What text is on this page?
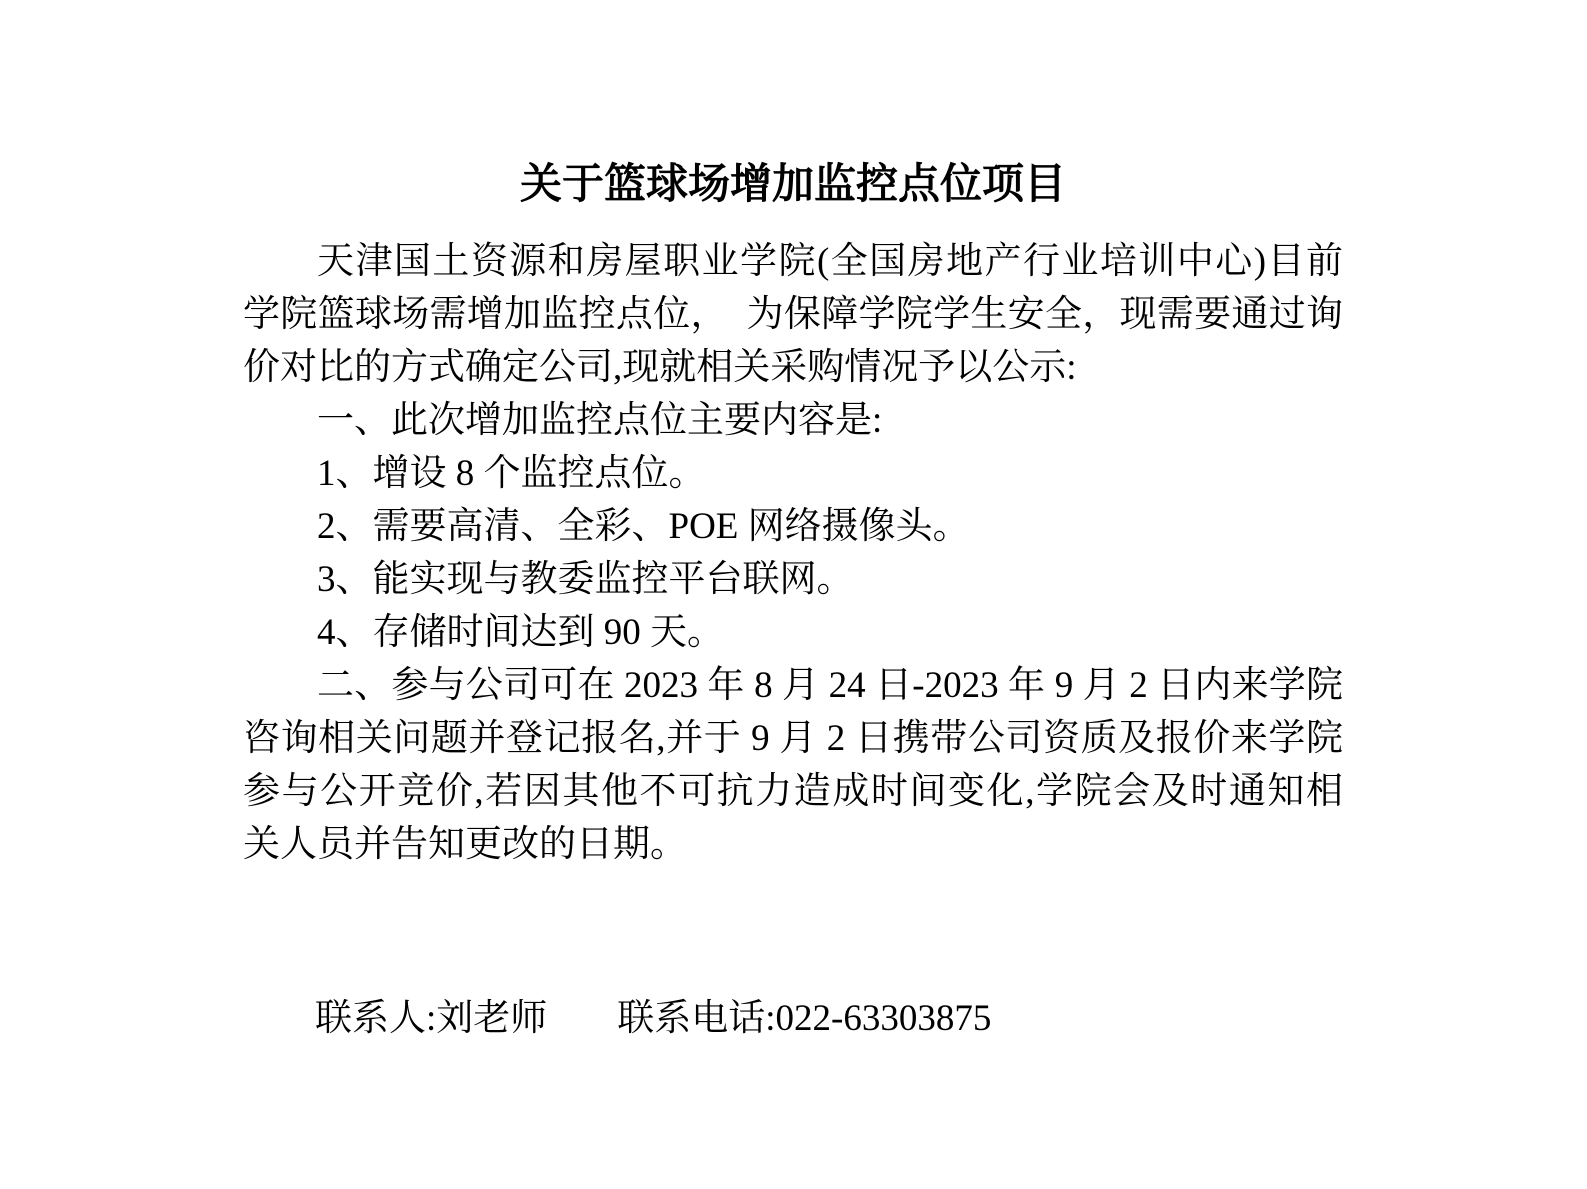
关于篮球场增加监控点位项目
天津国土资源和房屋职业学院(全国房地产行业培训中心)目前
学院篮球场需增加监控点位，　为保障学院学生安全，现需要通过询
价对比的方式确定公司,现就相关采购情况予以公示:
一、此次增加监控点位主要内容是:
1、增设 8 个监控点位。
2、需要高清、全彩、POE 网络摄像头。
3、能实现与教委监控平台联网。
4、存储时间达到 90 天。
二、参与公司可在 2023 年 8 月 24 日-2023 年 9 月 2 日内来学院
咨询相关问题并登记报名,并于 9 月 2 日携带公司资质及报价来学院
参与公开竞价,若因其他不可抗力造成时间变化,学院会及时通知相
关人员并告知更改的日期。
联系人:刘老师 联系电话:022-63303875
